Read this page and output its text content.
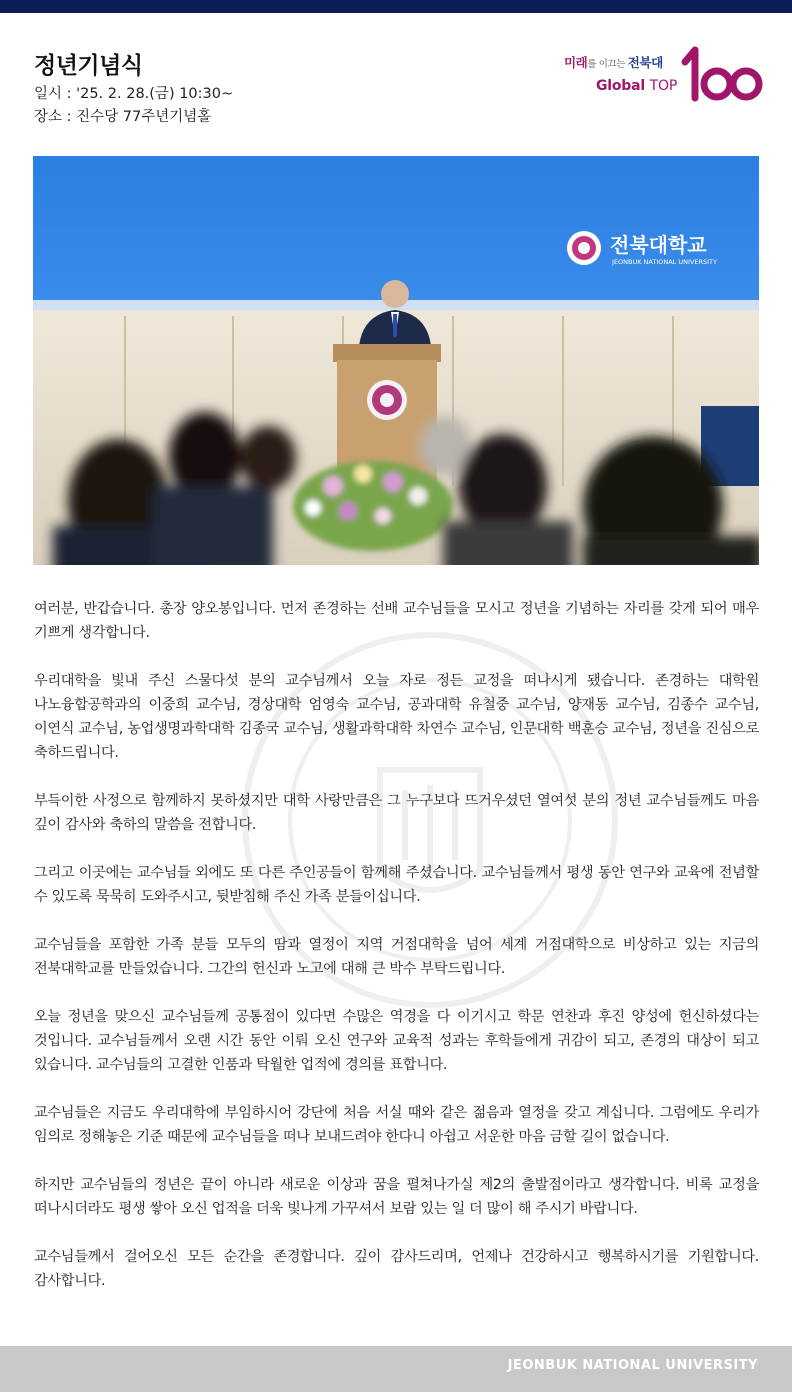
정년기념식
일시 : '25. 2. 28.(금) 10:30~
장소 : 진수당 77주년기념홀
미래를 이끄는 전북대
Global TOP
전북대학교
JEONBUK NATIONAL UNIVERSITY

여러분, 반갑습니다. 총장 양오봉입니다. 먼저 존경하는 선배 교수님들을 모시고 정년을 기념하는 자리를 갖게 되어 매우 기쁘게 생각합니다.

우리대학을 빛내 주신 스물다섯 분의 교수님께서 오늘 자로 정든 교정을 떠나시게 됐습니다. 존경하는 대학원 나노융합공학과의 이중희 교수님, 경상대학 엄영숙 교수님, 공과대학 유철중 교수님, 양재동 교수님, 김종수 교수님, 이연식 교수님, 농업생명과학대학 김종국 교수님, 생활과학대학 차연수 교수님, 인문대학 백훈승 교수님, 정년을 진심으로 축하드립니다.

부득이한 사정으로 함께하지 못하셨지만 대학 사랑만큼은 그 누구보다 뜨거우셨던 열여섯 분의 정년 교수님들께도 마음 깊이 감사와 축하의 말씀을 전합니다.

그리고 이곳에는 교수님들 외에도 또 다른 주인공들이 함께해 주셨습니다. 교수님들께서 평생 동안 연구와 교육에 전념할 수 있도록 묵묵히 도와주시고, 뒷받침해 주신 가족 분들이십니다.

교수님들을 포함한 가족 분들 모두의 땀과 열정이 지역 거점대학을 넘어 세계 거점대학으로 비상하고 있는 지금의 전북대학교를 만들었습니다. 그간의 헌신과 노고에 대해 큰 박수 부탁드립니다.

오늘 정년을 맞으신 교수님들께 공통점이 있다면 수많은 역경을 다 이기시고 학문 연찬과 후진 양성에 헌신하셨다는 것입니다. 교수님들께서 오랜 시간 동안 이뤄 오신 연구와 교육적 성과는 후학들에게 귀감이 되고, 존경의 대상이 되고 있습니다. 교수님들의 고결한 인품과 탁월한 업적에 경의를 표합니다.

교수님들은 지금도 우리대학에 부임하시어 강단에 처음 서실 때와 같은 젊음과 열정을 갖고 계십니다. 그럼에도 우리가 임의로 정해놓은 기준 때문에 교수님들을 떠나 보내드려야 한다니 아쉽고 서운한 마음 금할 길이 없습니다.

하지만 교수님들의 정년은 끝이 아니라 새로운 이상과 꿈을 펼쳐나가실 제2의 출발점이라고 생각합니다. 비록 교정을 떠나시더라도 평생 쌓아 오신 업적을 더욱 빛나게 가꾸셔서 보람 있는 일 더 많이 해 주시기 바랍니다.

교수님들께서 걸어오신 모든 순간을 존경합니다. 깊이 감사드리며, 언제나 건강하시고 행복하시기를 기원합니다. 감사합니다.

JEONBUK NATIONAL UNIVERSITY
